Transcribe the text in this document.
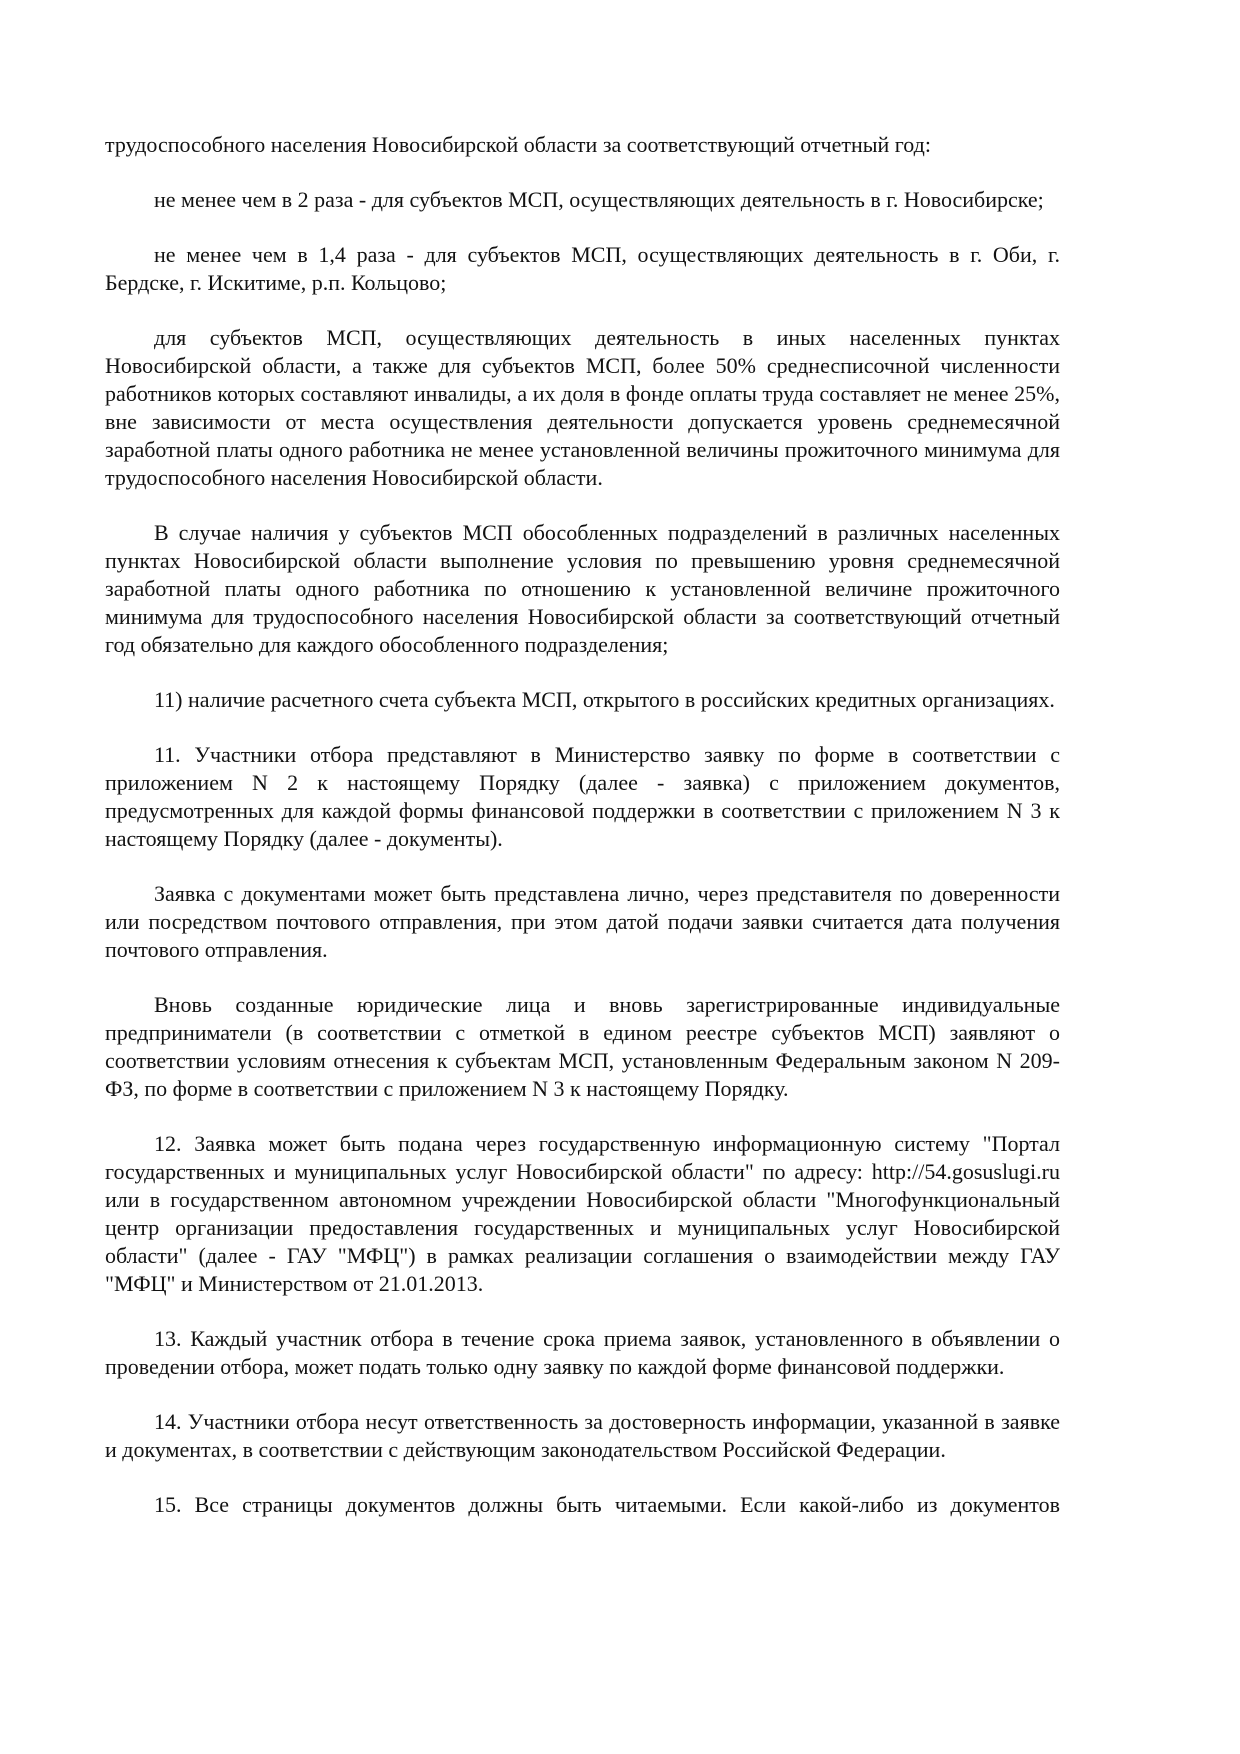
трудоспособного населения Новосибирской области за соответствующий отчетный год:

не менее чем в 2 раза - для субъектов МСП, осуществляющих деятельность в г. Новосибирске;

не менее чем в 1,4 раза - для субъектов МСП, осуществляющих деятельность в г. Оби, г. Бердске, г. Искитиме, р.п. Кольцово;

для субъектов МСП, осуществляющих деятельность в иных населенных пунктах Новосибирской области, а также для субъектов МСП, более 50% среднесписочной численности работников которых составляют инвалиды, а их доля в фонде оплаты труда составляет не менее 25%, вне зависимости от места осуществления деятельности допускается уровень среднемесячной заработной платы одного работника не менее установленной величины прожиточного минимума для трудоспособного населения Новосибирской области.

В случае наличия у субъектов МСП обособленных подразделений в различных населенных пунктах Новосибирской области выполнение условия по превышению уровня среднемесячной заработной платы одного работника по отношению к установленной величине прожиточного минимума для трудоспособного населения Новосибирской области за соответствующий отчетный год обязательно для каждого обособленного подразделения;

11) наличие расчетного счета субъекта МСП, открытого в российских кредитных организациях.

11. Участники отбора представляют в Министерство заявку по форме в соответствии с приложением N 2 к настоящему Порядку (далее - заявка) с приложением документов, предусмотренных для каждой формы финансовой поддержки в соответствии с приложением N 3 к настоящему Порядку (далее - документы).

Заявка с документами может быть представлена лично, через представителя по доверенности или посредством почтового отправления, при этом датой подачи заявки считается дата получения почтового отправления.

Вновь созданные юридические лица и вновь зарегистрированные индивидуальные предприниматели (в соответствии с отметкой в едином реестре субъектов МСП) заявляют о соответствии условиям отнесения к субъектам МСП, установленным Федеральным законом N 209-ФЗ, по форме в соответствии с приложением N 3 к настоящему Порядку.

12. Заявка может быть подана через государственную информационную систему "Портал государственных и муниципальных услуг Новосибирской области" по адресу: http://54.gosuslugi.ru или в государственном автономном учреждении Новосибирской области "Многофункциональный центр организации предоставления государственных и муниципальных услуг Новосибирской области" (далее - ГАУ "МФЦ") в рамках реализации соглашения о взаимодействии между ГАУ "МФЦ" и Министерством от 21.01.2013.

13. Каждый участник отбора в течение срока приема заявок, установленного в объявлении о проведении отбора, может подать только одну заявку по каждой форме финансовой поддержки.

14. Участники отбора несут ответственность за достоверность информации, указанной в заявке и документах, в соответствии с действующим законодательством Российской Федерации.

15. Все страницы документов должны быть читаемыми. Если какой-либо из документов
